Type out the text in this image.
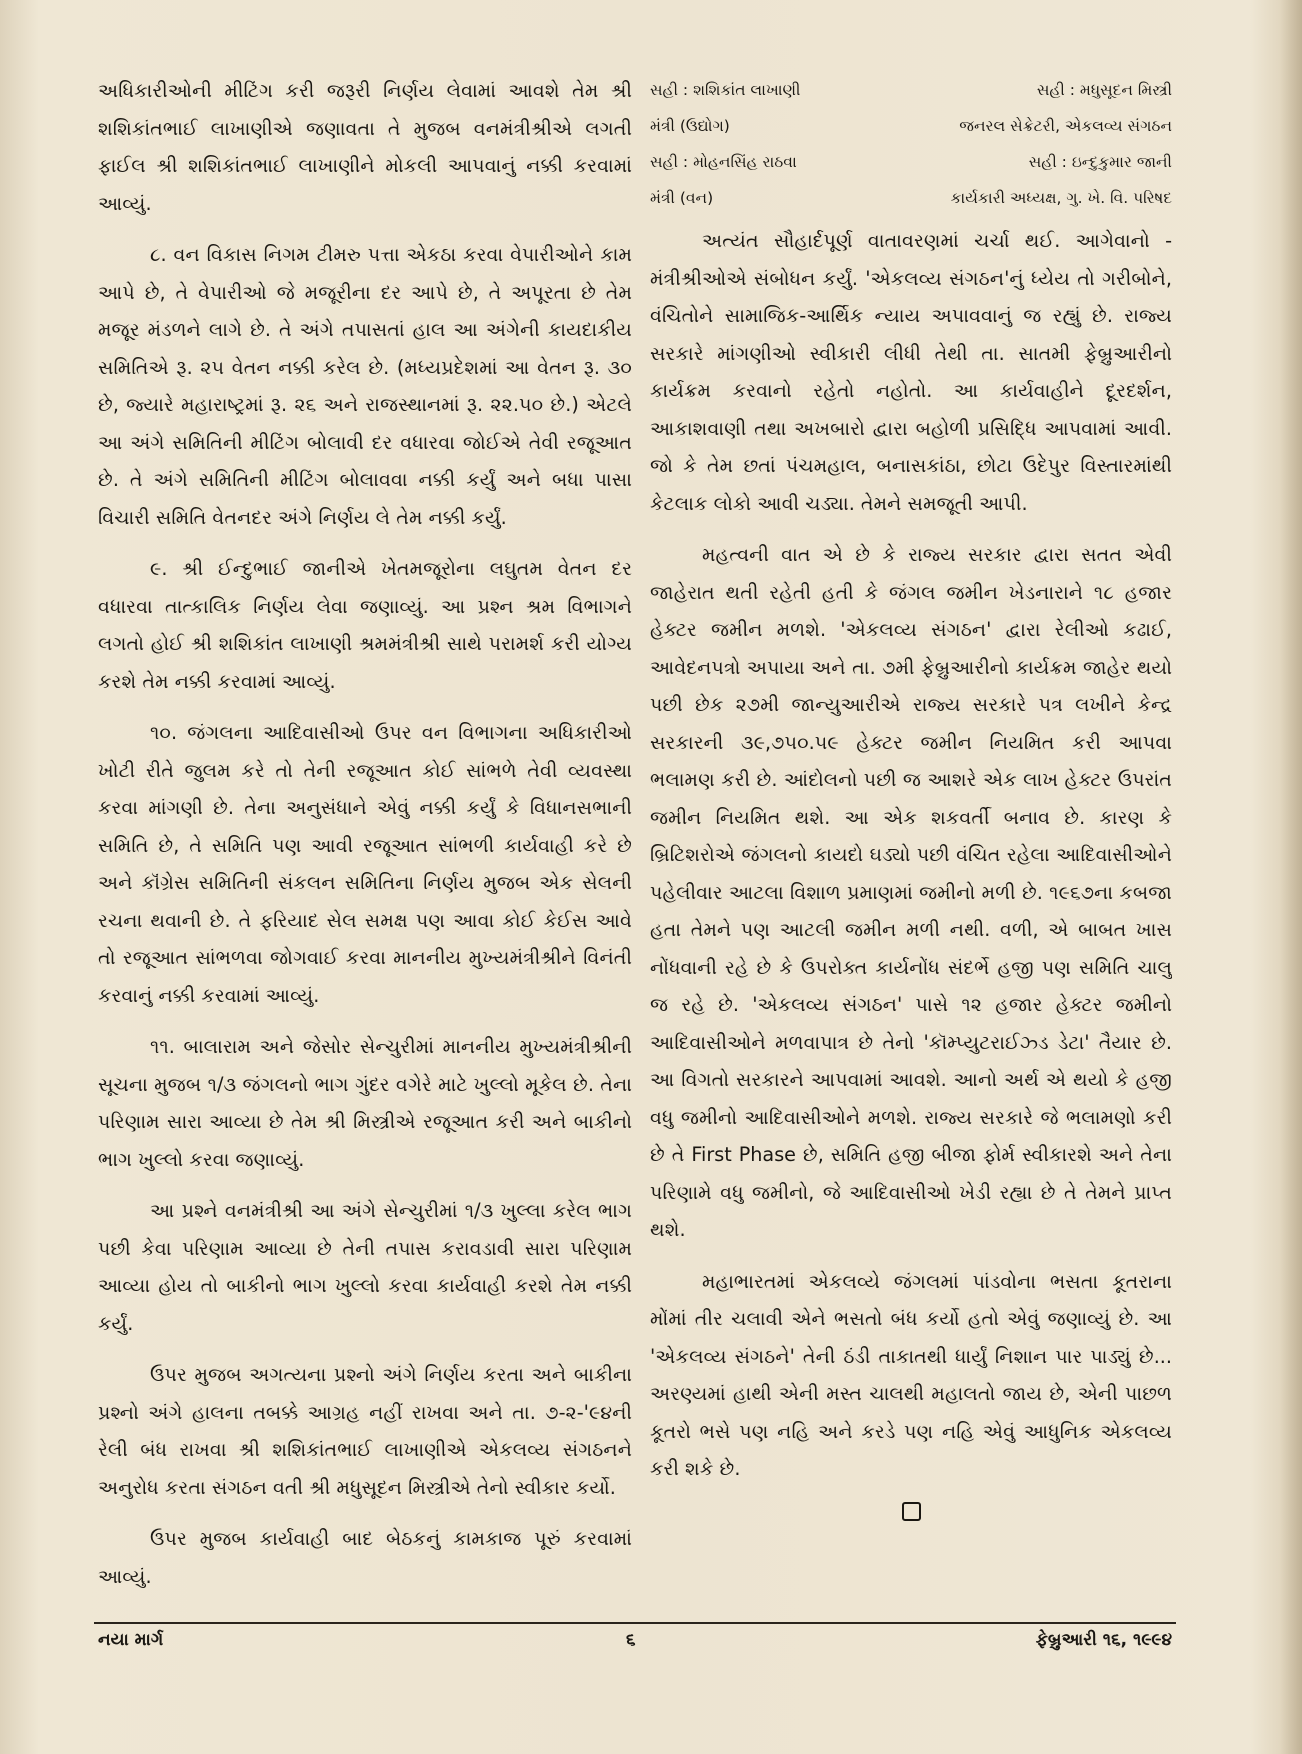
અધિકારીઓની મીટિંગ કરી જરૂરી નિર્ણય લેવામાં આવશે તેમ શ્રી શશિકાંતભાઈ લાખાણીએ જણાવતા તે મુજબ વનમંત્રીશ્રીએ લગતી ફાઈલ શ્રી શશિકાંતભાઈ લાખાણીને મોકલી આપવાનું નક્કી કરવામાં આવ્યું.

૮. વન વિકાસ નિગમ ટીમરુ પત્તા એકઠા કરવા વેપારીઓને કામ આપે છે, તે વેપારીઓ જે મજૂરીના દર આપે છે, તે અપૂરતા છે તેમ મજૂર મંડળને લાગે છે. તે અંગે તપાસતાં હાલ આ અંગેની કાયદાકીય સમિતિએ રૂ. ૨૫ વેતન નક્કી કરેલ છે. (મધ્યપ્રદેશમાં આ વેતન રૂ. ૩૦ છે, જ્યારે મહારાષ્ટ્રમાં રૂ. ૨૬ અને રાજસ્થાનમાં રૂ. ૨૨.૫૦ છે.) એટલે આ અંગે સમિતિની મીટિંગ બોલાવી દર વધારવા જોઈએ તેવી રજૂઆત છે. તે અંગે સમિતિની મીટિંગ બોલાવવા નક્કી કર્યું અને બધા પાસા વિચારી સમિતિ વેતનદર અંગે નિર્ણય લે તેમ નક્કી કર્યું.

૯. શ્રી ઈન્દુભાઈ જાનીએ ખેતમજૂરોના લઘુતમ વેતન દર વધારવા તાત્કાલિક નિર્ણય લેવા જણાવ્યું. આ પ્રશ્ન શ્રમ વિભાગને લગતો હોઈ શ્રી શશિકાંત લાખાણી શ્રમમંત્રીશ્રી સાથે પરામર્શ કરી યોગ્ય કરશે તેમ નક્કી કરવામાં આવ્યું.

૧૦. જંગલના આદિવાસીઓ ઉપર વન વિભાગના અધિકારીઓ ખોટી રીતે જુલમ કરે તો તેની રજૂઆત કોઈ સાંભળે તેવી વ્યવસ્થા કરવા માંગણી છે. તેના અનુસંધાને એવું નક્કી કર્યું કે વિધાનસભાની સમિતિ છે, તે સમિતિ પણ આવી રજૂઆત સાંભળી કાર્યવાહી કરે છે અને કૉંગ્રેસ સમિતિની સંકલન સમિતિના નિર્ણય મુજબ એક સેલની રચના થવાની છે. તે ફરિયાદ સેલ સમક્ષ પણ આવા કોઈ કેઈસ આવે તો રજૂઆત સાંભળવા જોગવાઈ કરવા માનનીય મુખ્યમંત્રીશ્રીને વિનંતી કરવાનું નક્કી કરવામાં આવ્યું.

૧૧. બાલારામ અને જેસોર સેન્ચુરીમાં માનનીય મુખ્યમંત્રીશ્રીની સૂચના મુજબ ૧/૩ જંગલનો ભાગ ગુંદર વગેરે માટે ખુલ્લો મૂકેલ છે. તેના પરિણામ સારા આવ્યા છે તેમ શ્રી મિસ્ત્રીએ રજૂઆત કરી અને બાકીનો ભાગ ખુલ્લો કરવા જણાવ્યું.

આ પ્રશ્ને વનમંત્રીશ્રી આ અંગે સેન્ચુરીમાં ૧/૩ ખુલ્લા કરેલ ભાગ પછી કેવા પરિણામ આવ્યા છે તેની તપાસ કરાવડાવી સારા પરિણામ આવ્યા હોય તો બાકીનો ભાગ ખુલ્લો કરવા કાર્યવાહી કરશે તેમ નક્કી કર્યું.

ઉપર મુજબ અગત્યના પ્રશ્નો અંગે નિર્ણય કરતા અને બાકીના પ્રશ્નો અંગે હાલના તબક્કે આગ્રહ નહીં રાખવા અને તા. ૭-૨-'૯૪ની રેલી બંધ રાખવા શ્રી શશિકાંતભાઈ લાખાણીએ એકલવ્ય સંગઠનને અનુરોધ કરતા સંગઠન વતી શ્રી મધુસૂદન મિસ્ત્રીએ તેનો સ્વીકાર કર્યો.

ઉપર મુજબ કાર્યવાહી બાદ બેઠકનું કામકાજ પૂરું કરવામાં આવ્યું.

સહી : શશિકાંત લાખાણી	સહી : મધુસૂદન મિસ્ત્રી
મંત્રી (ઉદ્યોગ)	જનરલ સેક્રેટરી, એકલવ્ય સંગઠન
સહી : મોહનસિંહ રાઠવા	સહી : ઇન્દુકુમાર જાની
મંત્રી (વન)	કાર્યકારી અધ્યક્ષ, ગુ. ખે. વિ. પરિષદ

અત્યંત સૌહાર્દપૂર્ણ વાતાવરણમાં ચર્ચા થઈ. આગેવાનો - મંત્રીશ્રીઓએ સંબોધન કર્યું. 'એકલવ્ય સંગઠન'નું ધ્યેય તો ગરીબોને, વંચિતોને સામાજિક-આર્થિક ન્યાય અપાવવાનું જ રહ્યું છે. રાજ્ય સરકારે માંગણીઓ સ્વીકારી લીધી તેથી તા. સાતમી ફેબ્રુઆરીનો કાર્યક્રમ કરવાનો રહેતો નહોતો. આ કાર્યવાહીને દૂરદર્શન, આકાશવાણી તથા અખબારો દ્વારા બહોળી પ્રસિદ્ધિ આપવામાં આવી. જો કે તેમ છતાં પંચમહાલ, બનાસકાંઠા, છોટા ઉદેપુર વિસ્તારમાંથી કેટલાક લોકો આવી ચડ્યા. તેમને સમજૂતી આપી.

મહત્વની વાત એ છે કે રાજ્ય સરકાર દ્વારા સતત એવી જાહેરાત થતી રહેતી હતી કે જંગલ જમીન ખેડનારાને ૧૮ હજાર હેક્ટર જમીન મળશે. 'એકલવ્ય સંગઠન' દ્વારા રેલીઓ કઢાઈ, આવેદનપત્રો અપાયા અને તા. ૭મી ફેબ્રુઆરીનો કાર્યક્રમ જાહેર થયો પછી છેક ૨૭મી જાન્યુઆરીએ રાજ્ય સરકારે પત્ર લખીને કેન્દ્ર સરકારની ૩૯,૭૫૦.૫૯ હેક્ટર જમીન નિયમિત કરી આપવા ભલામણ કરી છે. આંદોલનો પછી જ આશરે એક લાખ હેક્ટર ઉપરાંત જમીન નિયમિત થશે. આ એક શકવર્તી બનાવ છે. કારણ કે બ્રિટિશરોએ જંગલનો કાયદો ઘડ્યો પછી વંચિત રહેલા આદિવાસીઓને પહેલીવાર આટલા વિશાળ પ્રમાણમાં જમીનો મળી છે. ૧૯૬૭ના કબજા હતા તેમને પણ આટલી જમીન મળી નથી. વળી, એ બાબત ખાસ નોંધવાની રહે છે કે ઉપરોક્ત કાર્યનોંધ સંદર્ભે હજી પણ સમિતિ ચાલુ જ રહે છે. 'એકલવ્ય સંગઠન' પાસે ૧૨ હજાર હેક્ટર જમીનો આદિવાસીઓને મળવાપાત્ર છે તેનો 'કૉમ્પ્યુટરાઈઝ્ડ ડેટા' તૈયાર છે. આ વિગતો સરકારને આપવામાં આવશે. આનો અર્થ એ થયો કે હજી વધુ જમીનો આદિવાસીઓને મળશે. રાજ્ય સરકારે જે ભલામણો કરી છે તે First Phase છે, સમિતિ હજી બીજા ફોર્મ સ્વીકારશે અને તેના પરિણામે વધુ જમીનો, જે આદિવાસીઓ ખેડી રહ્યા છે તે તેમને પ્રાપ્ત થશે.

મહાભારતમાં એકલવ્યે જંગલમાં પાંડવોના ભસતા કૂતરાના મોંમાં તીર ચલાવી એને ભસતો બંધ કર્યો હતો એવું જણાવ્યું છે. આ 'એકલવ્ય સંગઠને' તેની ઠંડી તાકાતથી ધાર્યું નિશાન પાર પાડ્યું છે... અરણ્યમાં હાથી એની મસ્ત ચાલથી મહાલતો જાય છે, એની પાછળ કૂતરો ભસે પણ નહિ અને કરડે પણ નહિ એવું આધુનિક એકલવ્ય કરી શકે છે.

નયા માર્ગ	૬	ફેબ્રુઆરી ૧૬, ૧૯૯૪
